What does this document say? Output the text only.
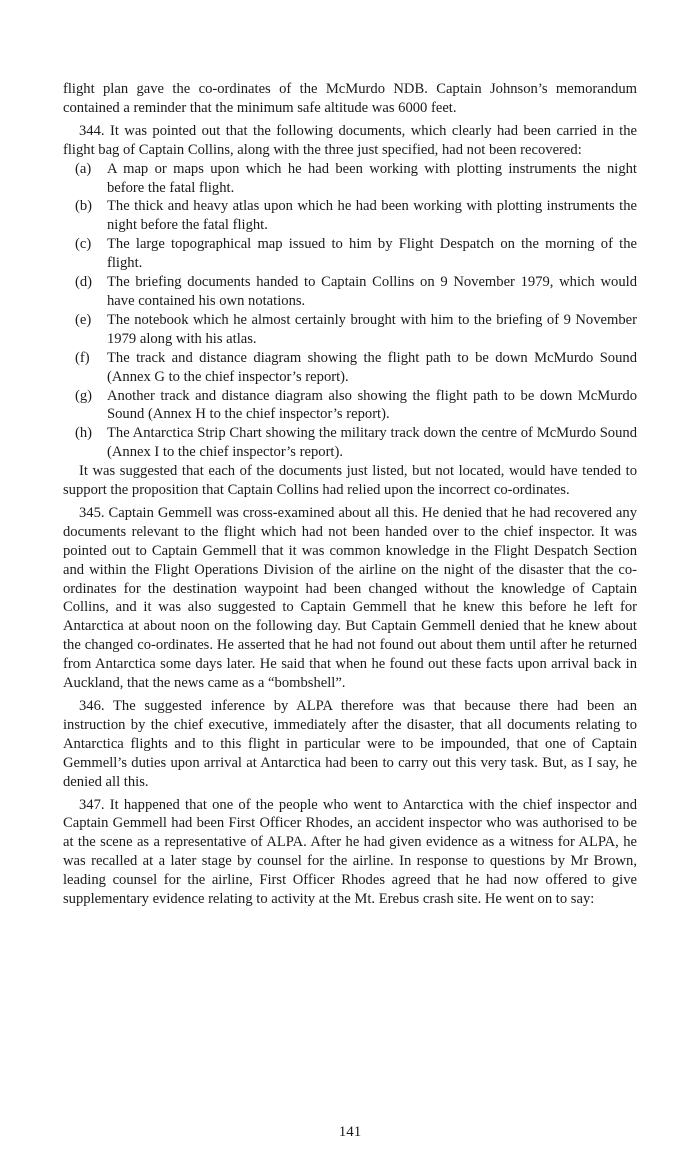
flight plan gave the co-ordinates of the McMurdo NDB. Captain Johnson’s memorandum contained a reminder that the minimum safe altitude was 6000 feet.

344. It was pointed out that the following documents, which clearly had been carried in the flight bag of Captain Collins, along with the three just specified, had not been recovered:

(a)	A map or maps upon which he had been working with plotting instruments the night before the fatal flight.
(b)	The thick and heavy atlas upon which he had been working with plotting instruments the night before the fatal flight.
(c)	The large topographical map issued to him by Flight Despatch on the morning of the flight.
(d)	The briefing documents handed to Captain Collins on 9 November 1979, which would have contained his own notations.
(e)	The notebook which he almost certainly brought with him to the briefing of 9 November 1979 along with his atlas.
(f)	The track and distance diagram showing the flight path to be down McMurdo Sound (Annex G to the chief inspector’s report).
(g)	Another track and distance diagram also showing the flight path to be down McMurdo Sound (Annex H to the chief inspector’s report).
(h)	The Antarctica Strip Chart showing the military track down the centre of McMurdo Sound (Annex I to the chief inspector’s report).

It was suggested that each of the documents just listed, but not located, would have tended to support the proposition that Captain Collins had relied upon the incorrect co-ordinates.

345. Captain Gemmell was cross-examined about all this. He denied that he had recovered any documents relevant to the flight which had not been handed over to the chief inspector. It was pointed out to Captain Gemmell that it was common knowledge in the Flight Despatch Section and within the Flight Operations Division of the airline on the night of the disaster that the co-ordinates for the destination waypoint had been changed without the knowledge of Captain Collins, and it was also suggested to Captain Gemmell that he knew this before he left for Antarctica at about noon on the following day. But Captain Gemmell denied that he knew about the changed co-ordinates. He asserted that he had not found out about them until after he returned from Antarctica some days later. He said that when he found out these facts upon arrival back in Auckland, that the news came as a “bombshell”.

346. The suggested inference by ALPA therefore was that because there had been an instruction by the chief executive, immediately after the disaster, that all documents relating to Antarctica flights and to this flight in particular were to be impounded, that one of Captain Gemmell’s duties upon arrival at Antarctica had been to carry out this very task. But, as I say, he denied all this.

347. It happened that one of the people who went to Antarctica with the chief inspector and Captain Gemmell had been First Officer Rhodes, an accident inspector who was authorised to be at the scene as a representative of ALPA. After he had given evidence as a witness for ALPA, he was recalled at a later stage by counsel for the airline. In response to questions by Mr Brown, leading counsel for the airline, First Officer Rhodes agreed that he had now offered to give supplementary evidence relating to activity at the Mt. Erebus crash site. He went on to say:

141
